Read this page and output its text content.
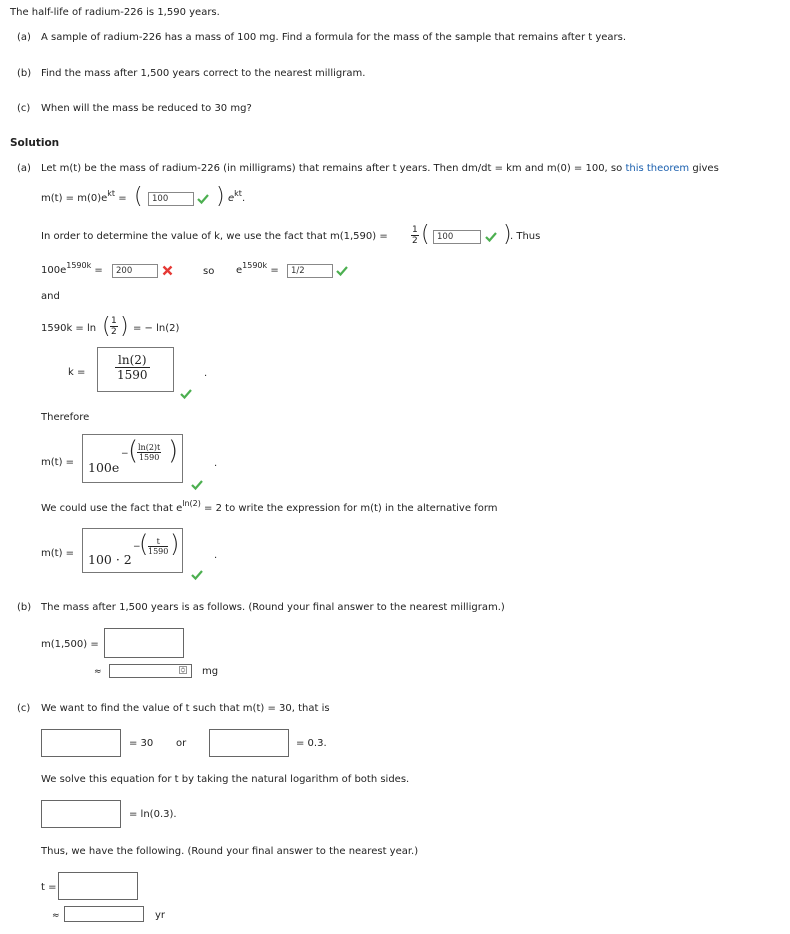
The half-life of radium-226 is 1,590 years.
(a) A sample of radium-226 has a mass of 100 mg. Find a formula for the mass of the sample that remains after t years.
(b) Find the mass after 1,500 years correct to the nearest milligram.
(c) When will the mass be reduced to 30 mg?
Solution
(a) Let m(t) be the mass of radium-226 (in milligrams) that remains after t years. Then dm/dt = km and m(0) = 100, so this theorem gives
$m(t) = m(0)e^{kt}$ = (	100	) $e^{kt}$.
In order to determine the value of k, we use the fact that m(1,590) =	$\frac{1}{2}$ ( 100	)
. Thus
$100e^{1590k}$ =	200	so $e^{1590k}$ =	1/2
and
1590k = ln ( $\frac{1}{2}$ ) = − ln(2)
$k = \frac{\ln(2)}{1590}$	.
Therefore
m(t) = 100e
− (
$\frac{\ln(2)t}{1590}$ )	.
We could use the fact that $e^{ln(2)} = 2$ to write the expression for m(t) in the alternative form
m(t) = 100 · 2
−
( $\frac{t}{1590}$ )	.
(b) The mass after 1,500 years is as follows. (Round your final answer to the nearest milligram.)
m(1,500) =
≈	mg
(c) We want to find the value of t such that m(t) = 30, that is
= 30 or	= 0.3.
We solve this equation for t by taking the natural logarithm of both sides.
= ln(0.3).
Thus, we have the following. (Round your final answer to the nearest year.)
t =
≈	yr
